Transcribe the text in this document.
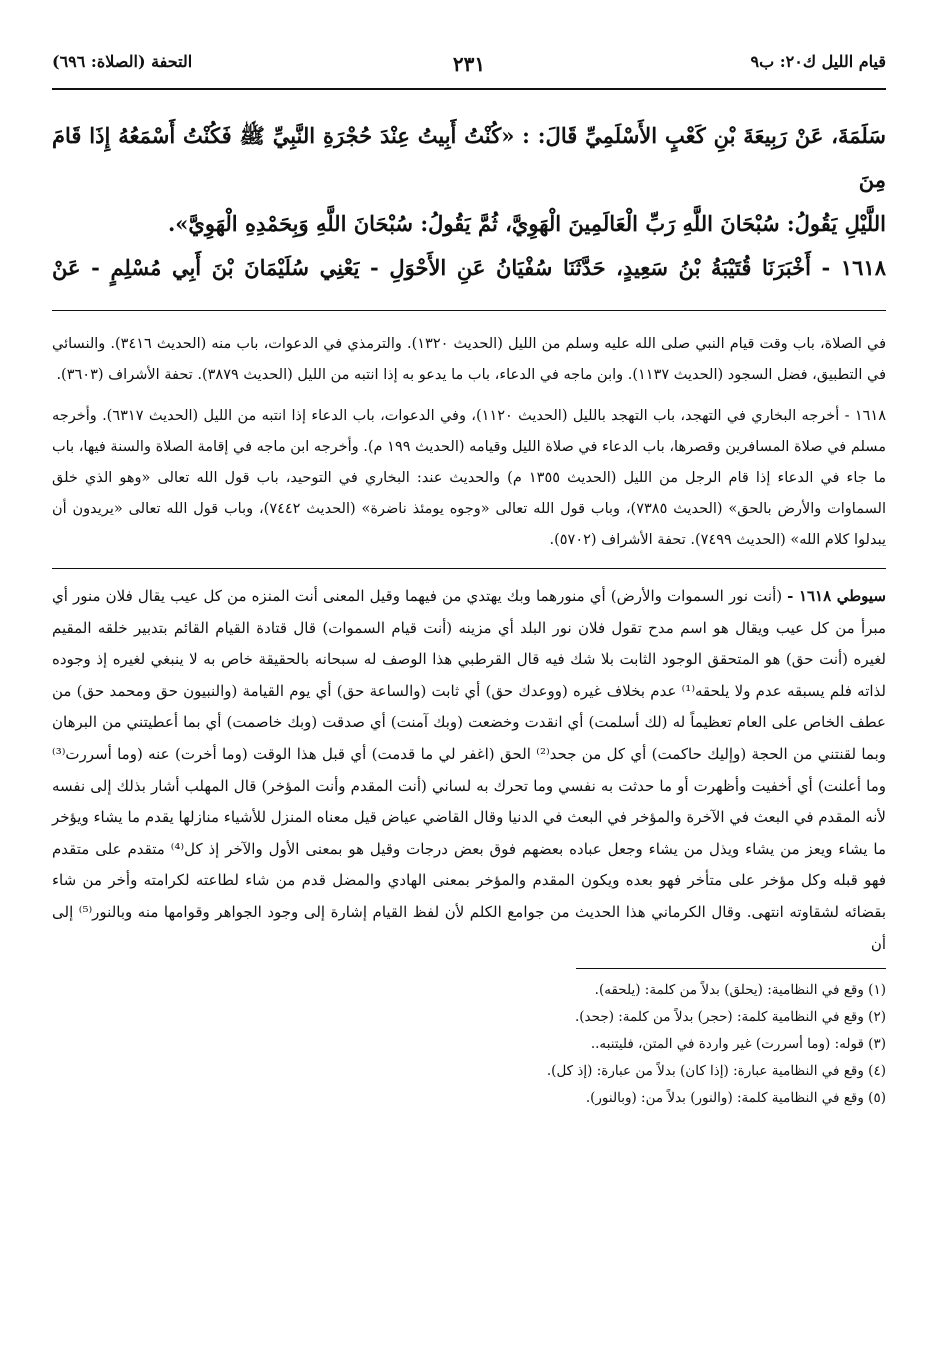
قيام الليل ك٢٠: ب٩
٢٣١
التحفة (الصلاة: ٦٩٦)

سَلَمَةَ، عَنْ رَبِيعَةَ بْنِ كَعْبٍ الأَسْلَمِيِّ قَالَ: : «كُنْتُ أَبِيتُ عِنْدَ حُجْرَةِ النَّبِيِّ ﷺ فَكُنْتُ أَسْمَعُهُ إِذَا قَامَ مِنَ

اللَّيْلِ يَقُولُ: سُبْحَانَ اللَّهِ رَبِّ الْعَالَمِينَ الْهَوِيَّ، ثُمَّ يَقُولُ: سُبْحَانَ اللَّهِ وَبِحَمْدِهِ الْهَوِيَّ».

١٦١٨ - أَخْبَرَنَا قُتَيْبَةُ بْنُ سَعِيدٍ، حَدَّثَنَا سُفْيَانُ عَنِ الأَحْوَلِ - يَعْنِي سُلَيْمَانَ بْنَ أَبِي مُسْلِمٍ - عَنْ

في الصلاة، باب وقت قيام النبي صلى الله عليه وسلم من الليل (الحديث ١٣٢٠). والترمذي في الدعوات، باب منه (الحديث ٣٤١٦). والنسائي في التطبيق، فضل السجود (الحديث ١١٣٧). وابن ماجه في الدعاء، باب ما يدعو به إذا انتبه من الليل (الحديث ٣٨٧٩). تحفة الأشراف (٣٦٠٣).

١٦١٨ - أخرجه البخاري في التهجد، باب التهجد بالليل (الحديث ١١٢٠)، وفي الدعوات، باب الدعاء إذا انتبه من الليل (الحديث ٦٣١٧). وأخرجه مسلم في صلاة المسافرين وقصرها، باب الدعاء في صلاة الليل وقيامه (الحديث ١٩٩ م). وأخرجه ابن ماجه في إقامة الصلاة والسنة فيها، باب ما جاء في الدعاء إذا قام الرجل من الليل (الحديث ١٣٥٥ م) والحديث عند: البخاري في التوحيد، باب قول الله تعالى «وهو الذي خلق السماوات والأرض بالحق» (الحديث ٧٣٨٥)، وباب قول الله تعالى «وجوه يومئذ ناضرة» (الحديث ٧٤٤٢)، وباب قول الله تعالى «يريدون أن يبدلوا كلام الله» (الحديث ٧٤٩٩). تحفة الأشراف (٥٧٠٢).

سيوطي ١٦١٨ - (أنت نور السموات والأرض) أي منورهما وبك يهتدي من فيهما وقيل المعنى أنت المنزه من كل عيب يقال فلان منور أي مبرأ من كل عيب ويقال هو اسم مدح تقول فلان نور البلد أي مزينه (أنت قيام السموات) قال قتادة القيام القائم بتدبير خلقه المقيم لغيره (أنت حق) هو المتحقق الوجود الثابت بلا شك فيه قال القرطبي هذا الوصف له سبحانه بالحقيقة خاص به لا ينبغي لغيره إذ وجوده لذاته فلم يسبقه عدم ولا يلحقه⁽¹⁾ عدم بخلاف غيره (ووعدك حق) أي ثابت (والساعة حق) أي يوم القيامة (والنبيون حق ومحمد حق) من عطف الخاص على العام تعظيماً له (لك أسلمت) أي انقدت وخضعت (وبك آمنت) أي صدقت (وبك خاصمت) أي بما أعطيتني من البرهان وبما لقنتني من الحجة (وإليك حاكمت) أي كل من جحد⁽²⁾ الحق (اغفر لي ما قدمت) أي قبل هذا الوقت (وما أخرت) عنه (وما أسررت⁽³⁾ وما أعلنت) أي أخفيت وأظهرت أو ما حدثت به نفسي وما تحرك به لساني (أنت المقدم وأنت المؤخر) قال المهلب أشار بذلك إلى نفسه لأنه المقدم في البعث في الآخرة والمؤخر في البعث في الدنيا وقال القاضي عياض قيل معناه المنزل للأشياء منازلها يقدم ما يشاء ويؤخر ما يشاء ويعز من يشاء ويذل من يشاء وجعل عباده بعضهم فوق بعض درجات وقيل هو بمعنى الأول والآخر إذ كل⁽⁴⁾ متقدم على متقدم فهو قبله وكل مؤخر على متأخر فهو بعده ويكون المقدم والمؤخر بمعنى الهادي والمضل قدم من شاء لطاعته لكرامته وأخر من شاء بقضائه لشقاوته انتهى. وقال الكرماني هذا الحديث من جوامع الكلم لأن لفظ القيام إشارة إلى وجود الجواهر وقوامها منه وبالنور⁽⁵⁾ إلى أن

(١) وقع في النظامية: (يحلق) بدلاً من كلمة: (يلحقه).
(٢) وقع في النظامية كلمة: (حجر) بدلاً من كلمة: (جحد).
(٣) قوله: (وما أسررت) غير واردة في المتن، فليتنبه..
(٤) وقع في النظامية عبارة: (إذا كان) بدلاً من عبارة: (إذ كل).
(٥) وقع في النظامية كلمة: (والنور) بدلاً من: (وبالنور).
